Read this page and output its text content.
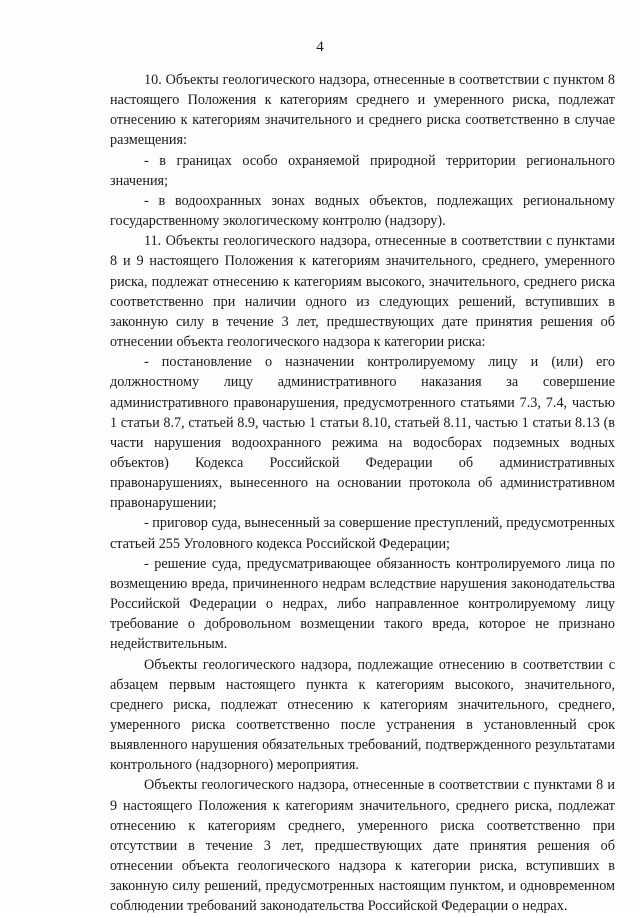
4

10. Объекты геологического надзора, отнесенные в соответствии с пунктом 8 настоящего Положения к категориям среднего и умеренного риска, подлежат отнесению к категориям значительного и среднего риска соответственно в случае размещения:

- в границах особо охраняемой природной территории регионального значения;

- в водоохранных зонах водных объектов, подлежащих региональному государственному экологическому контролю (надзору).

11. Объекты геологического надзора, отнесенные в соответствии с пунктами 8 и 9 настоящего Положения к категориям значительного, среднего, умеренного риска, подлежат отнесению к категориям высокого, значительного, среднего риска соответственно при наличии одного из следующих решений, вступивших в законную силу в течение 3 лет, предшествующих дате принятия решения об отнесении объекта геологического надзора к категории риска:

- постановление о назначении контролируемому лицу и (или) его должностному лицу административного наказания за совершение административного правонарушения, предусмотренного статьями 7.3, 7.4, частью 1 статьи 8.7, статьей 8.9, частью 1 статьи 8.10, статьей 8.11, частью 1 статьи 8.13 (в части нарушения водоохранного режима на водосборах подземных водных объектов) Кодекса Российской Федерации об административных правонарушениях, вынесенного на основании протокола об административном правонарушении;

- приговор суда, вынесенный за совершение преступлений, предусмотренных статьей 255 Уголовного кодекса Российской Федерации;

- решение суда, предусматривающее обязанность контролируемого лица по возмещению вреда, причиненного недрам вследствие нарушения законодательства Российской Федерации о недрах, либо направленное контролируемому лицу требование о добровольном возмещении такого вреда, которое не признано недействительным.

Объекты геологического надзора, подлежащие отнесению в соответствии с абзацем первым настоящего пункта к категориям высокого, значительного, среднего риска, подлежат отнесению к категориям значительного, среднего, умеренного риска соответственно после устранения в установленный срок выявленного нарушения обязательных требований, подтвержденного результатами контрольного (надзорного) мероприятия.

Объекты геологического надзора, отнесенные в соответствии с пунктами 8 и 9 настоящего Положения к категориям значительного, среднего риска, подлежат отнесению к категориям среднего, умеренного риска соответственно при отсутствии в течение 3 лет, предшествующих дате принятия решения об отнесении объекта геологического надзора к категории риска, вступивших в законную силу решений, предусмотренных настоящим пунктом, и одновременном соблюдении требований законодательства Российской Федерации о недрах.
